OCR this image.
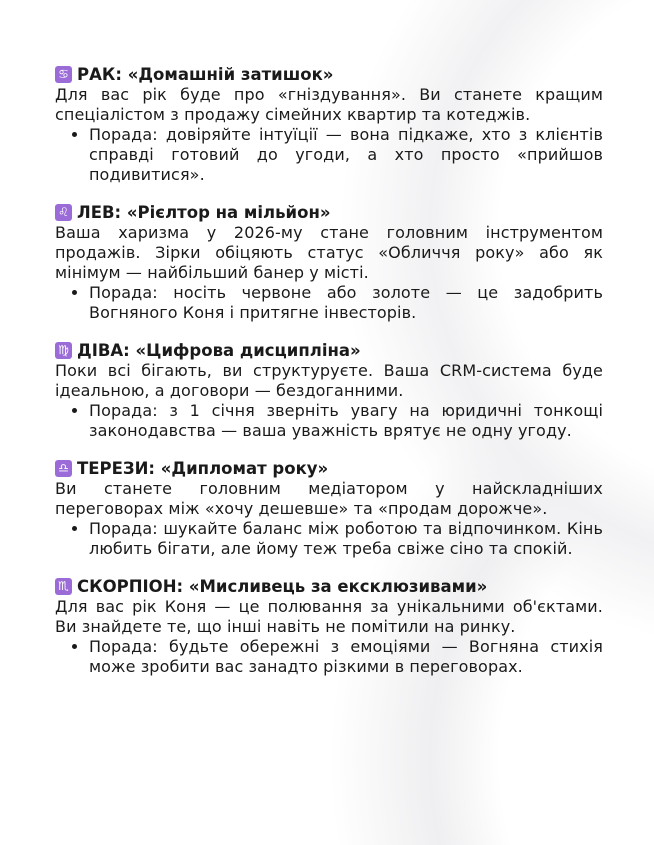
♋ РАК: «Домашній затишок»

Для вас рік буде про «гніздування». Ви станете кращим спеціалістом з продажу сімейних квартир та котеджів.

• Порада: довіряйте інтуїції — вона підкаже, хто з клієнтів справді готовий до угоди, а хто просто «прийшов подивитися».
♌ ЛЕВ: «Рієлтор на мільйон»

Ваша харизма у 2026-му стане головним інструментом продажів. Зірки обіцяють статус «Обличчя року» або як мінімум — найбільший банер у місті.

• Порада: носіть червоне або золоте — це задобрить Вогняного Коня і притягне інвесторів.
♍ ДІВА: «Цифрова дисципліна»

Поки всі бігають, ви структуруєте. Ваша CRM-система буде ідеальною, а договори — бездоганними.

• Порада: з 1 січня зверніть увагу на юридичні тонкощі законодавства — ваша уважність врятує не одну угоду.
♎ ТЕРЕЗИ: «Дипломат року»

Ви станете головним медіатором у найскладніших переговорах між «хочу дешевше» та «продам дорожче».

• Порада: шукайте баланс між роботою та відпочинком. Кінь любить бігати, але йому теж треба свіже сіно та спокій.
♏ СКОРПІОН: «Мисливець за ексклюзивами»

Для вас рік Коня — це полювання за унікальними об'єктами. Ви знайдете те, що інші навіть не помітили на ринку.

• Порада: будьте обережні з емоціями — Вогняна стихія може зробити вас занадто різкими в переговорах.
